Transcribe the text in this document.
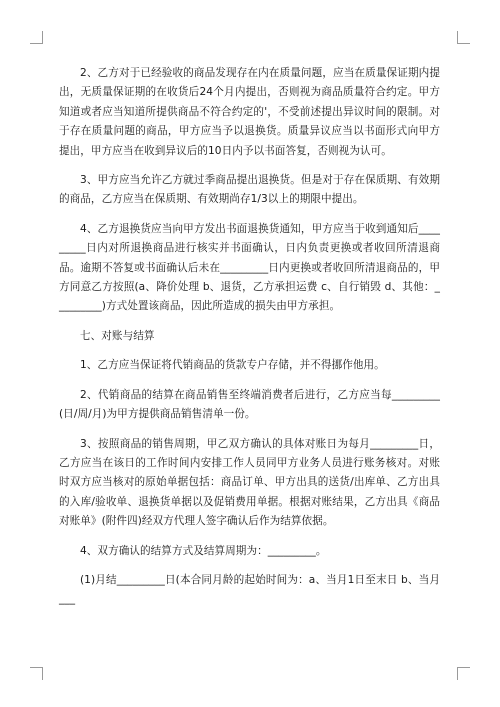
2、乙方对于已经验收的商品发现存在内在质量问题，应当在质量保证期内提出，无质量保证期的在收货后24个月内提出，否则视为商品质量符合约定。甲方知道或者应当知道所提供商品不符合约定的'，不受前述提出异议时间的限制。对于存在质量问题的商品，甲方应当予以退换货。质量异议应当以书面形式向甲方提出，甲方应当在收到异议后的10日内予以书面答复，否则视为认可。

3、甲方应当允许乙方就过季商品提出退换货。但是对于存在保质期、有效期的商品，乙方应当在保质期、有效期尚存1/3以上的期限中提出。

4、乙方退换货应当向甲方发出书面退换货通知，甲方应当于收到通知后_________日内对所退换商品进行核实并书面确认，日内负责更换或者收回所清退商品。逾期不答复或书面确认后未在_________日内更换或者收回所清退商品的，甲方同意乙方按照(a、降价处理 b、退货，乙方承担运费 c、自行销毁 d、其他：_________)方式处置该商品，因此所造成的损失由甲方承担。

七、对账与结算

1、乙方应当保证将代销商品的货款专户存储，并不得挪作他用。

2、代销商品的结算在商品销售至终端消费者后进行，乙方应当每_________(日/周/月)为甲方提供商品销售清单一份。

3、按照商品的销售周期，甲乙双方确认的具体对账日为每月_________日，乙方应当在该日的工作时间内安排工作人员同甲方业务人员进行账务核对。对账时双方应当核对的原始单据包括：商品订单、甲方出具的送货/出库单、乙方出具的入库/验收单、退换货单据以及促销费用单据。根据对账结果，乙方出具《商品对账单》(附件四)经双方代理人签字确认后作为结算依据。

4、双方确认的结算方式及结算周期为：_________。

(1)月结_________日(本合同月龄的起始时间为：a、当月1日至末日 b、当月___
